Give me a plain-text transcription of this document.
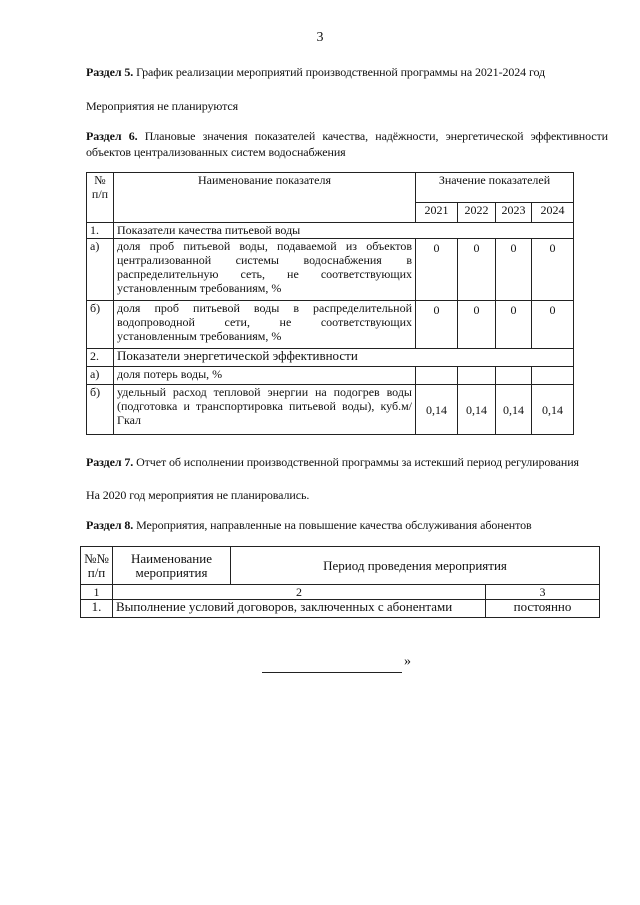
3
Раздел 5. График реализации мероприятий производственной программы на 2021-2024 год
Мероприятия не планируются
Раздел 6. Плановые значения показателей качества, надёжности, энергетической эффективности объектов централизованных систем водоснабжения
№ п/п	Наименование показателя	Значение показателей			
		2021	2022	2023	2024
1.	Показатели качества питьевой воды				
а)	доля проб питьевой воды, подаваемой из объектов централизованной системы водоснабжения в распределительную сеть, не соответствующих установленным требованиям, %	0	0	0	0
б)	доля проб питьевой воды в распределительной водопроводной сети, не соответствующих установленным требованиям, %	0	0	0	0
2.	Показатели энергетической эффективности				
а)	доля потерь воды, %				
б)	удельный расход тепловой энергии на подогрев воды (подготовка и транспортировка питьевой воды), куб.м/Гкал	0,14	0,14	0,14	0,14
Раздел 7. Отчет об исполнении производственной программы за истекший период регулирования
На 2020 год мероприятия не планировались.
Раздел 8. Мероприятия, направленные на повышение качества обслуживания абонентов
№№ п/п	Наименование мероприятия	Период проведения мероприятия	
1	2		3
1.	Выполнение условий договоров, заключенных с абонентами		постоянно
»
